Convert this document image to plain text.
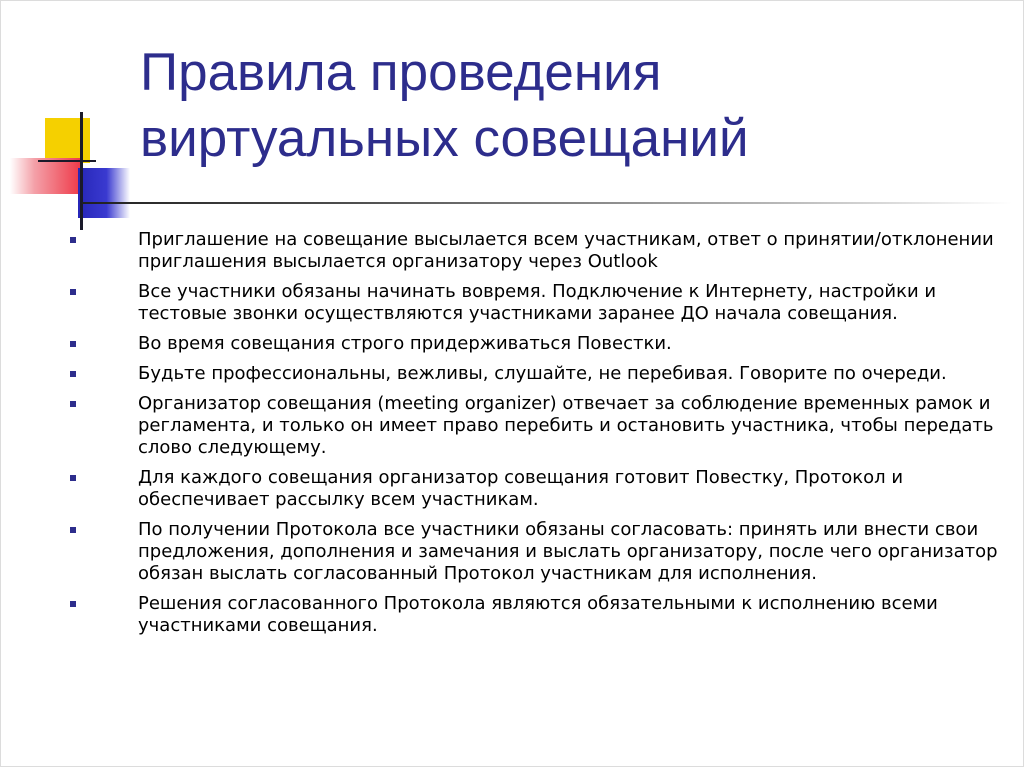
Правила проведения
виртуальных совещаний
Приглашение на совещание высылается всем участникам, ответ о принятии/отклонении приглашения высылается организатору через Outlook
Все участники обязаны начинать вовремя. Подключение к Интернету, настройки и тестовые звонки осуществляются участниками заранее ДО начала совещания.
Во время совещания строго придерживаться Повестки.
Будьте профессиональны, вежливы, слушайте, не перебивая. Говорите по очереди.
Организатор совещания (meeting organizer) отвечает за соблюдение временных рамок и регламента, и только он имеет право перебить и остановить участника, чтобы передать слово следующему.
Для каждого совещания организатор совещания готовит Повестку, Протокол и обеспечивает рассылку всем участникам.
По получении Протокола все участники обязаны согласовать: принять или внести свои предложения, дополнения и замечания и выслать организатору, после чего организатор обязан выслать согласованный Протокол участникам для исполнения.
Решения согласованного Протокола являются обязательными к исполнению всеми участниками совещания.
